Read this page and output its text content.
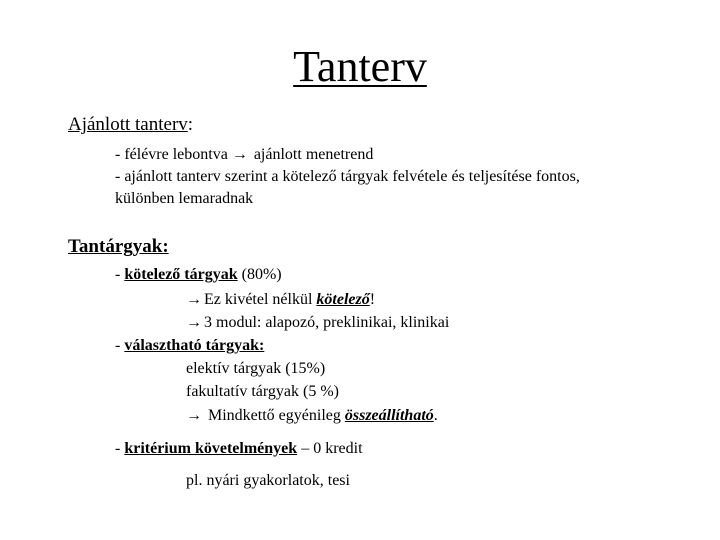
Tanterv
Ajánlott tanterv:
- félévre lebontva → ajánlott menetrend
- ajánlott tanterv szerint a kötelező tárgyak felvétele és teljesítése fontos,
különben lemaradnak
Tantárgyak:
- kötelező tárgyak (80%)
→ Ez kivétel nélkül kötelező!
→ 3 modul: alapozó, preklinikai, klinikai
- választható tárgyak:
elektív tárgyak (15%)
fakultatív tárgyak (5 %)
→ Mindkettő egyénileg összeállítható.
- kritérium követelmények – 0 kredit
pl. nyári gyakorlatok, tesi
